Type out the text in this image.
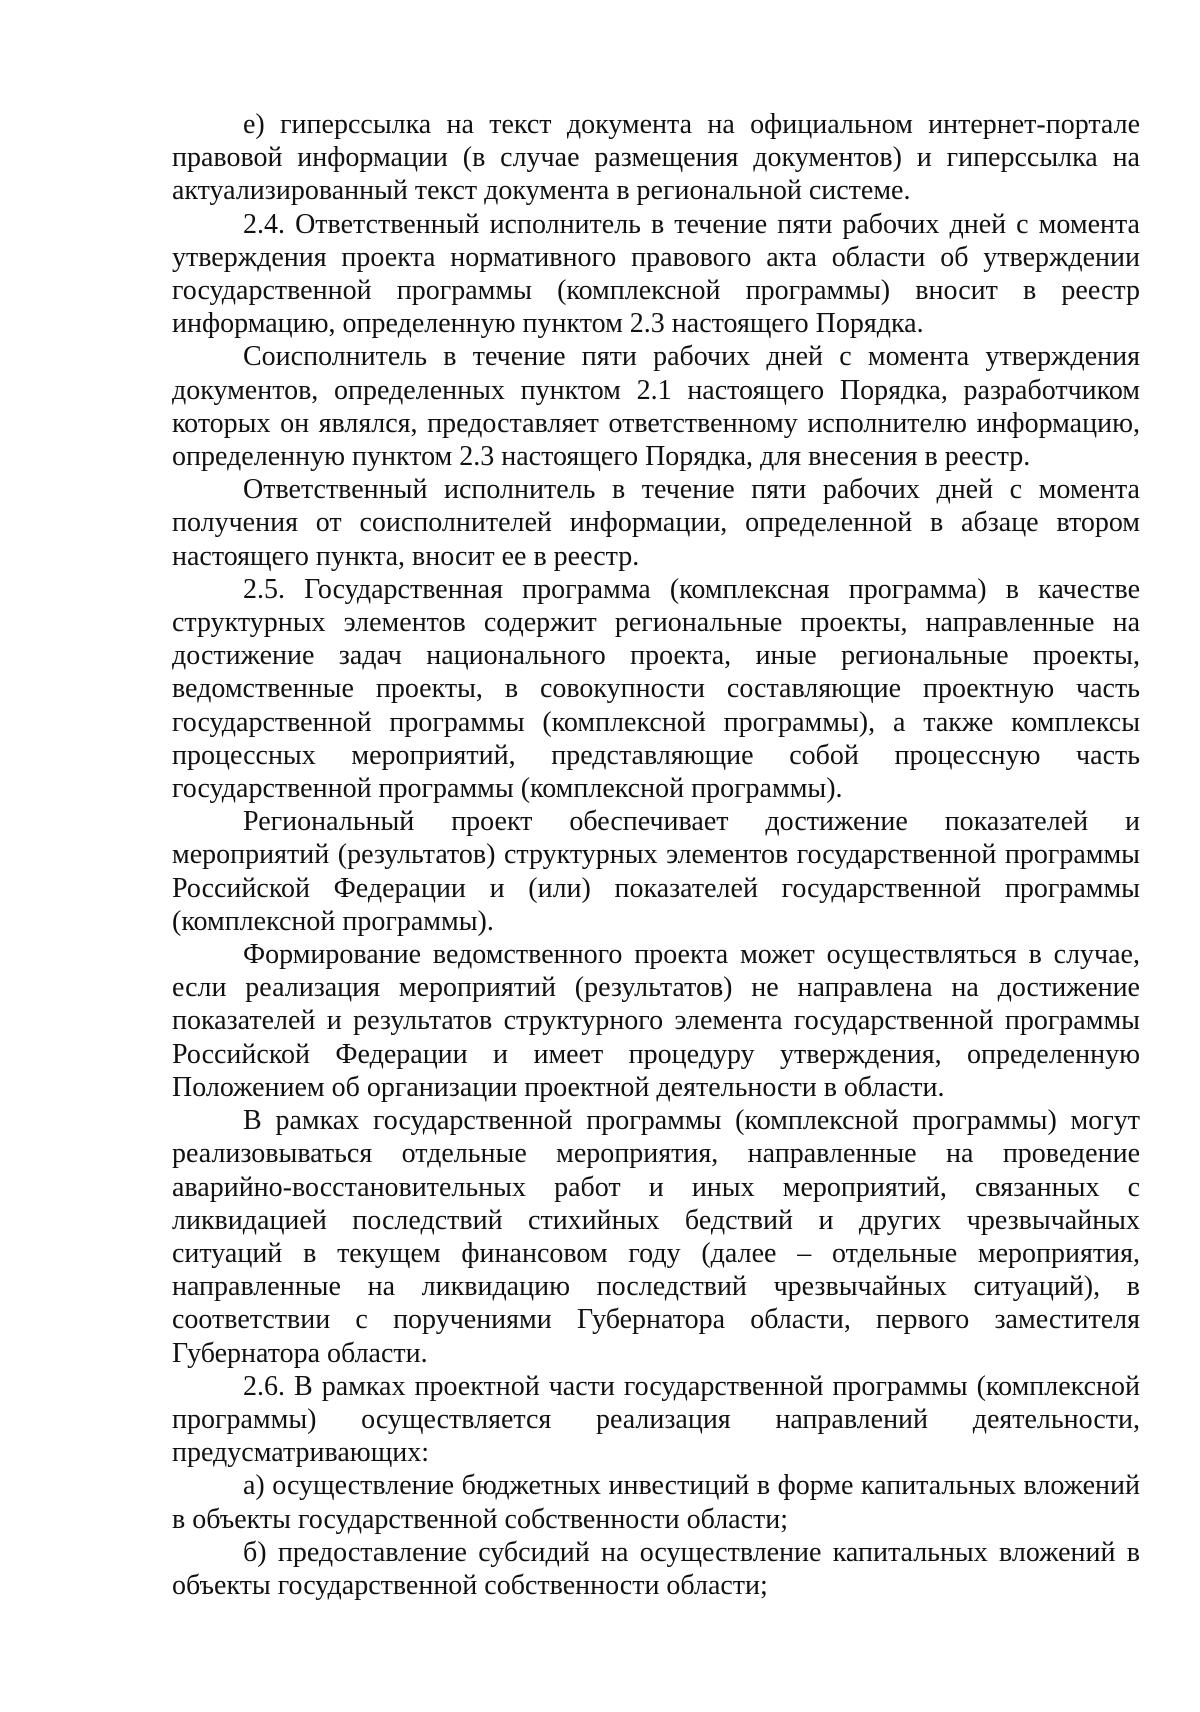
е) гиперссылка на текст документа на официальном интернет-портале правовой информации (в случае размещения документов) и гиперссылка на актуализированный текст документа в региональной системе.

2.4. Ответственный исполнитель в течение пяти рабочих дней с момента утверждения проекта нормативного правового акта области об утверждении государственной программы (комплексной программы) вносит в реестр информацию, определенную пунктом 2.3 настоящего Порядка.

Соисполнитель в течение пяти рабочих дней с момента утверждения документов, определенных пунктом 2.1 настоящего Порядка, разработчиком которых он являлся, предоставляет ответственному исполнителю информацию, определенную пунктом 2.3 настоящего Порядка, для внесения в реестр.

Ответственный исполнитель в течение пяти рабочих дней с момента получения от соисполнителей информации, определенной в абзаце втором настоящего пункта, вносит ее в реестр.

2.5. Государственная программа (комплексная программа) в качестве структурных элементов содержит региональные проекты, направленные на достижение задач национального проекта, иные региональные проекты, ведомственные проекты, в совокупности составляющие проектную часть государственной программы (комплексной программы), а также комплексы процессных мероприятий, представляющие собой процессную часть государственной программы (комплексной программы).

Региональный проект обеспечивает достижение показателей и мероприятий (результатов) структурных элементов государственной программы Российской Федерации и (или) показателей государственной программы (комплексной программы).

Формирование ведомственного проекта может осуществляться в случае, если реализация мероприятий (результатов) не направлена на достижение показателей и результатов структурного элемента государственной программы Российской Федерации и имеет процедуру утверждения, определенную Положением об организации проектной деятельности в области.

В рамках государственной программы (комплексной программы) могут реализовываться отдельные мероприятия, направленные на проведение аварийно-восстановительных работ и иных мероприятий, связанных с ликвидацией последствий стихийных бедствий и других чрезвычайных ситуаций в текущем финансовом году (далее – отдельные мероприятия, направленные на ликвидацию последствий чрезвычайных ситуаций), в соответствии с поручениями Губернатора области, первого заместителя Губернатора области.

2.6. В рамках проектной части государственной программы (комплексной программы) осуществляется реализация направлений деятельности, предусматривающих:

а) осуществление бюджетных инвестиций в форме капитальных вложений в объекты государственной собственности области;

б) предоставление субсидий на осуществление капитальных вложений в объекты государственной собственности области;
